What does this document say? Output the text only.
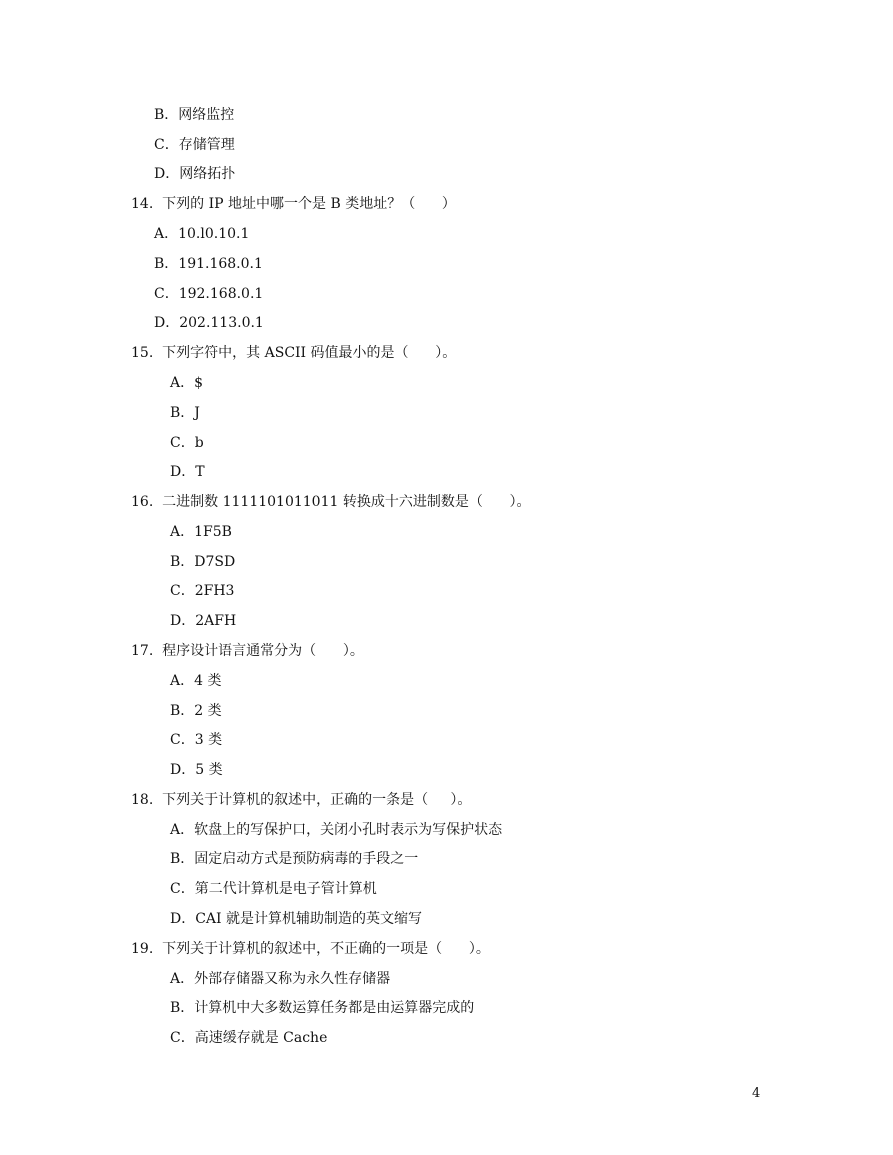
B．网络监控
C．存储管理
D．网络拓扑
14.  下列的 IP 地址中哪一个是 B 类地址？（      ）
A．10.l0.10.1
B．191.168.0.1
C．192.168.0.1
D．202.113.0.1
15.  下列字符中，其 ASCII 码值最小的是（      ）。
A．$
B．J
C．b
D．T
16.  二进制数 1111101011011 转换成十六进制数是（      ）。
A．1F5B
B．D7SD
C．2FH3
D．2AFH
17.  程序设计语言通常分为（      ）。
A．4 类
B．2 类
C．3 类
D．5 类
18.  下列关于计算机的叙述中，正确的一条是（     ）。
A．软盘上的写保护口，关闭小孔时表示为写保护状态
B．固定启动方式是预防病毒的手段之一
C．第二代计算机是电子管计算机
D．CAI 就是计算机辅助制造的英文缩写
19.  下列关于计算机的叙述中，不正确的一项是（      ）。
A．外部存储器又称为永久性存储器
B．计算机中大多数运算任务都是由运算器完成的
C．高速缓存就是 Cache
4
